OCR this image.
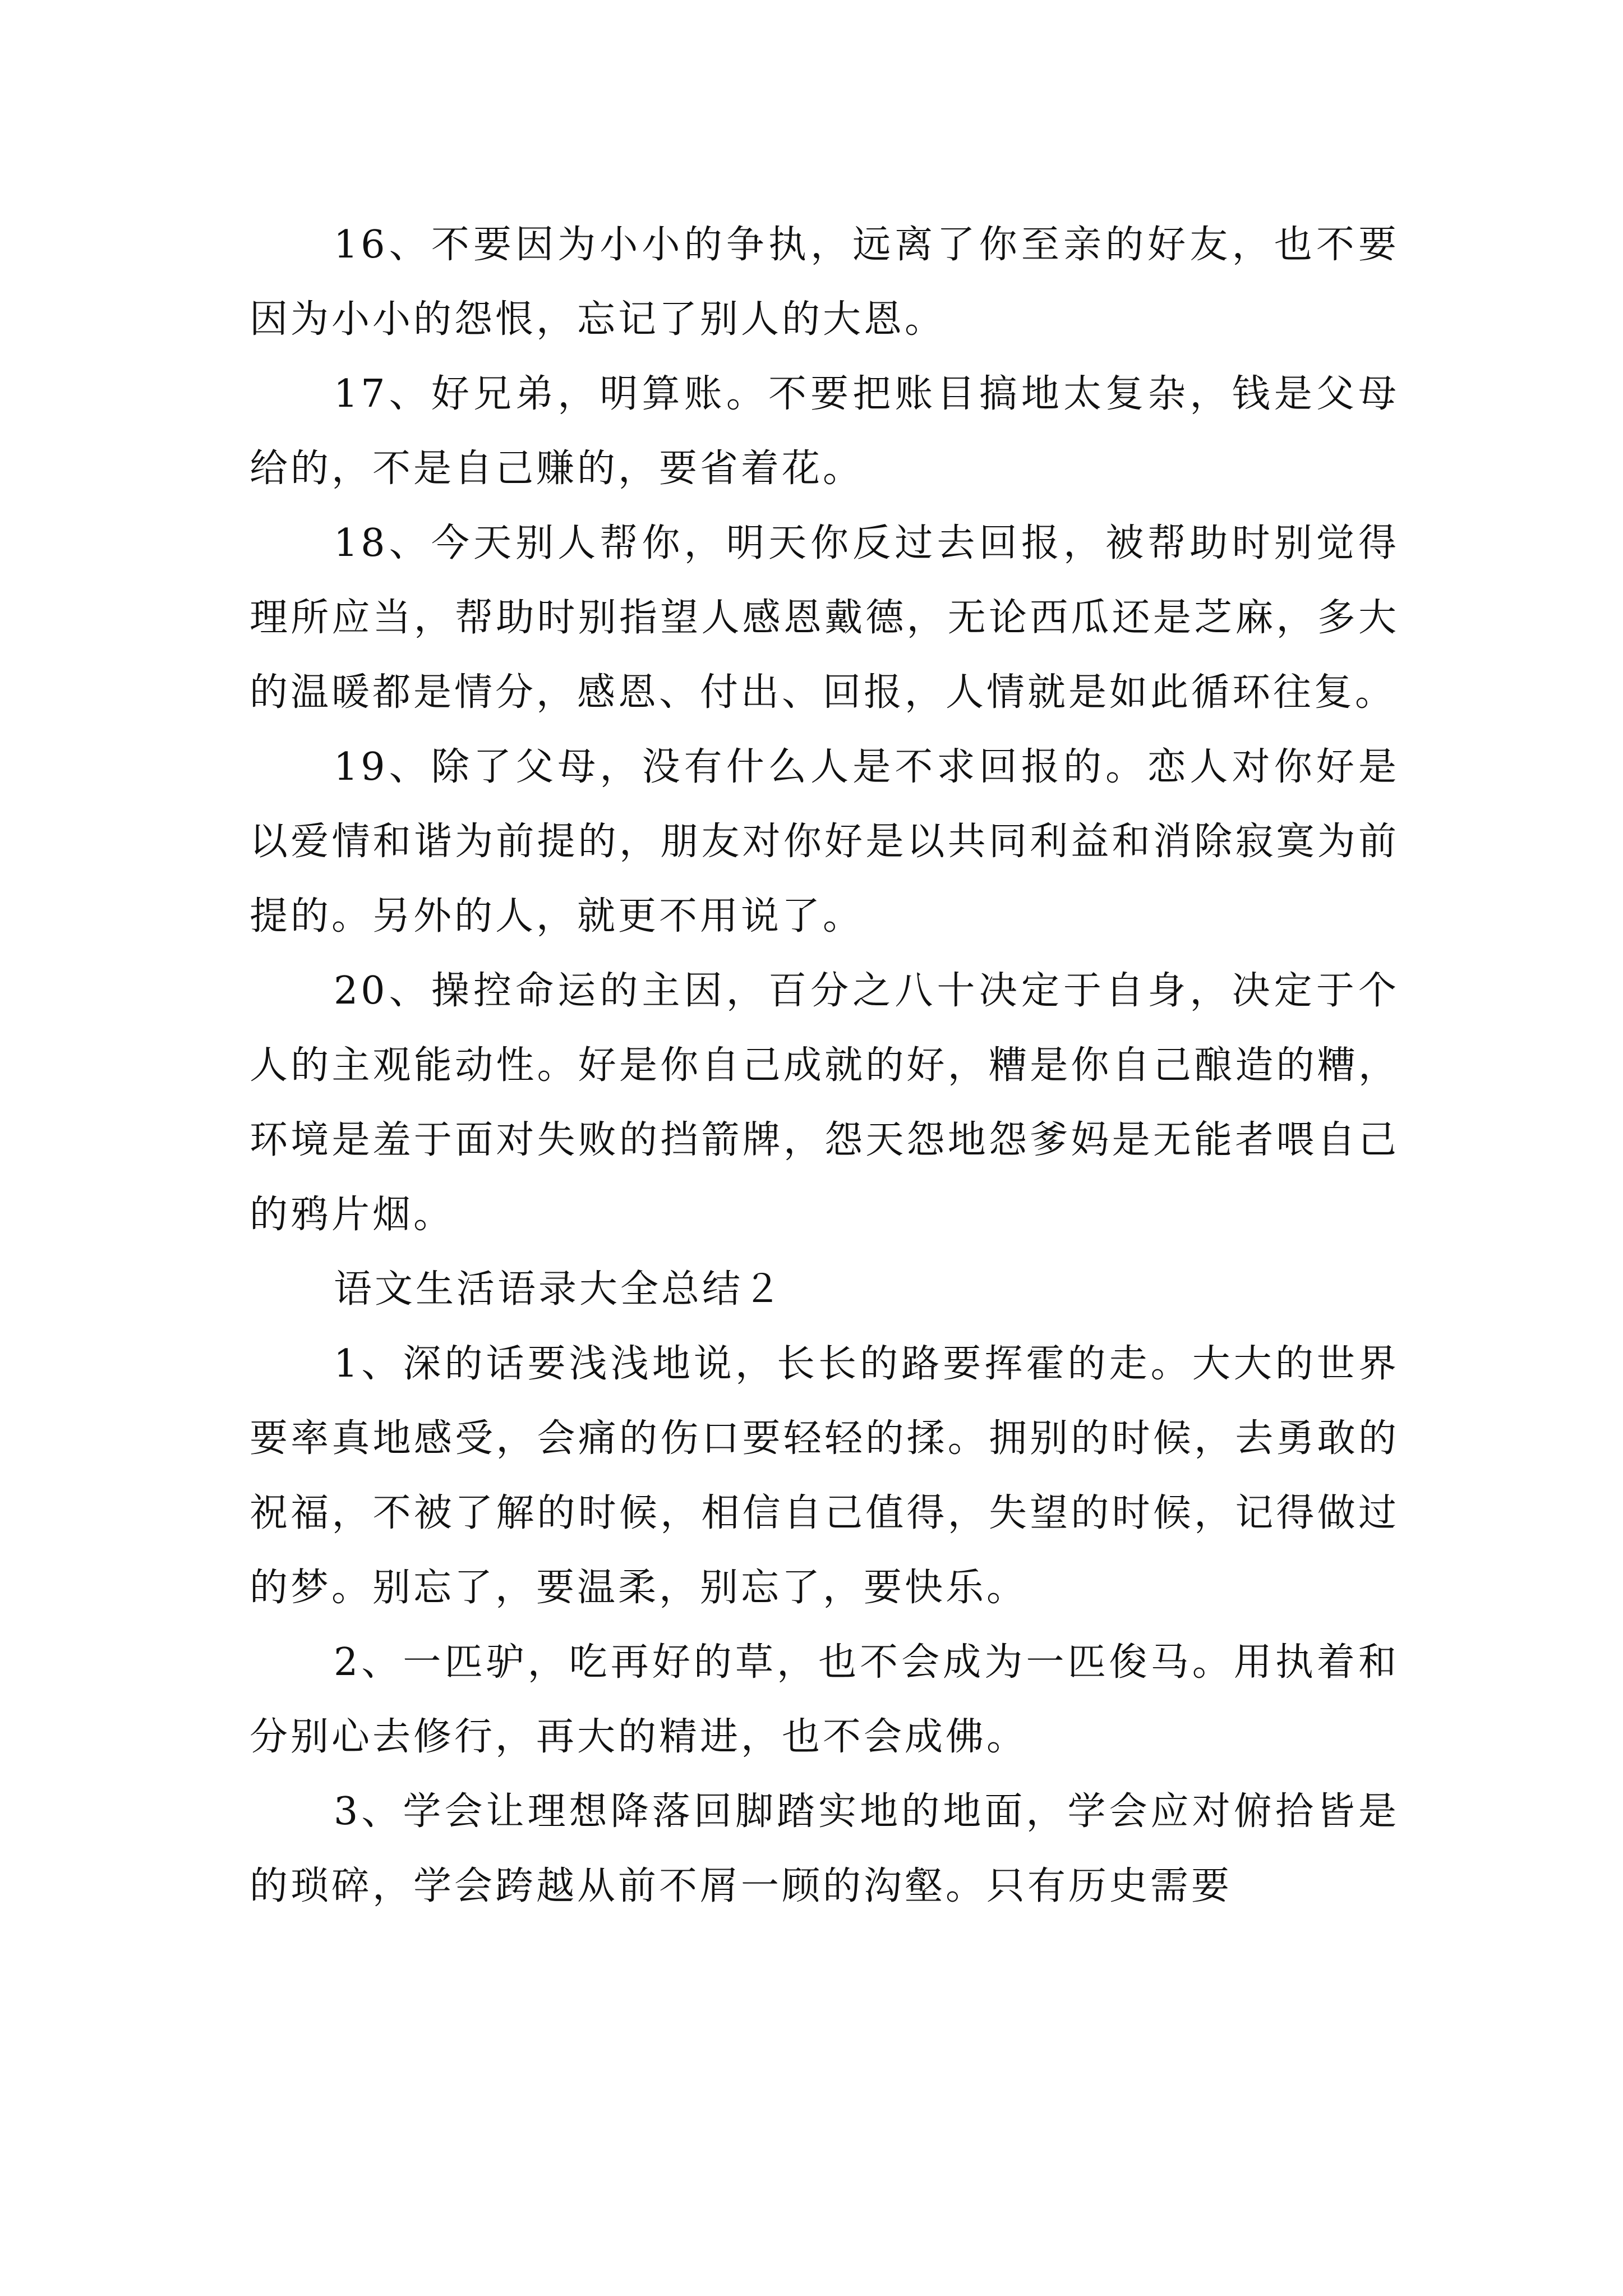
16、不要因为小小的争执，远离了你至亲的好友，也不要因为小小的怨恨，忘记了别人的大恩。

17、好兄弟，明算账。不要把账目搞地太复杂，钱是父母给的，不是自己赚的，要省着花。

18、今天别人帮你，明天你反过去回报，被帮助时别觉得理所应当，帮助时别指望人感恩戴德，无论西瓜还是芝麻，多大的温暖都是情分，感恩、付出、回报，人情就是如此循环往复。

19、除了父母，没有什么人是不求回报的。恋人对你好是以爱情和谐为前提的，朋友对你好是以共同利益和消除寂寞为前提的。另外的人，就更不用说了。

20、操控命运的主因，百分之八十决定于自身，决定于个人的主观能动性。好是你自己成就的好，糟是你自己酿造的糟，环境是羞于面对失败的挡箭牌，怨天怨地怨爹妈是无能者喂自己的鸦片烟。

语文生活语录大全总结２

1、深的话要浅浅地说，长长的路要挥霍的走。大大的世界要率真地感受，会痛的伤口要轻轻的揉。拥别的时候，去勇敢的祝福，不被了解的时候，相信自己值得，失望的时候，记得做过的梦。别忘了，要温柔，别忘了，要快乐。

2、一匹驴，吃再好的草，也不会成为一匹俊马。用执着和分别心去修行，再大的精进，也不会成佛。

3、学会让理想降落回脚踏实地的地面，学会应对俯拾皆是的琐碎，学会跨越从前不屑一顾的沟壑。只有历史需要
